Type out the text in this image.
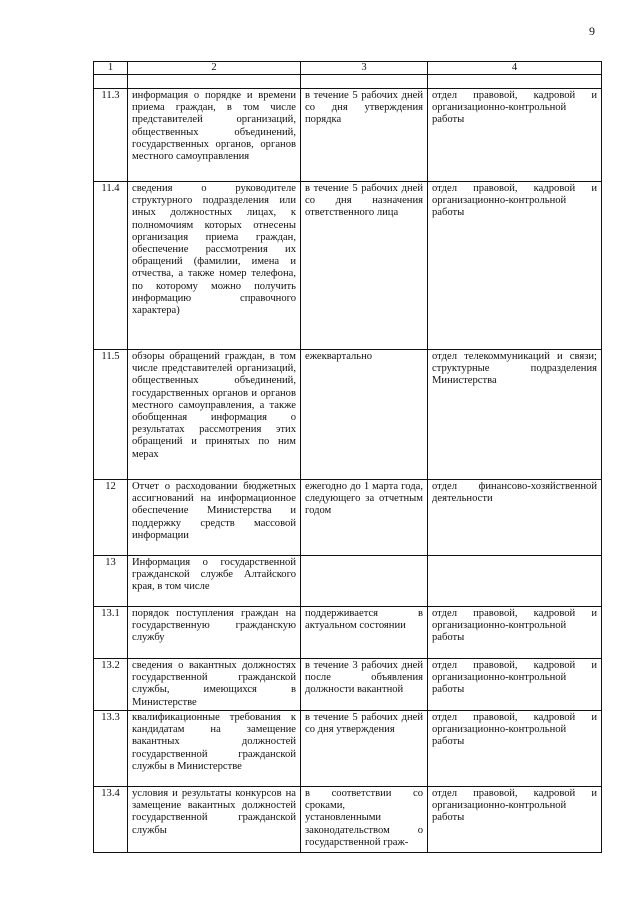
9
1	2	3	4

11.3	информация о порядке и времени приема граждан, в том числе представителей организаций, общественных объединений, государственных органов, органов местного самоуправления	в течение 5 рабочих дней со дня утверждения порядка	отдел правовой, кадровой и организационно-контрольной работы
11.4	сведения о руководителе структурного подразделения или иных должностных лицах, к полномочиям которых отнесены организация приема граждан, обеспечение рассмотрения их обращений (фамилии, имена и отчества, а также номер телефона, по которому можно получить информацию справочного характера)	в течение 5 рабочих дней со дня назначения ответственного лица	отдел правовой, кадровой и организационно-контрольной работы
11.5	обзоры обращений граждан, в том числе представителей организаций, общественных объединений, государственных органов и органов местного самоуправления, а также обобщенная информация о результатах рассмотрения этих обращений и принятых по ним мерах	ежеквартально	отдел телекоммуникаций и связи; структурные подразделения Министерства
12	Отчет о расходовании бюджетных ассигнований на информационное обеспечение Министерства и поддержку средств массовой информации	ежегодно до 1 марта года, следующего за отчетным годом	отдел финансово-хозяйственной деятельности
13	Информация о государственной гражданской службе Алтайского края, в том числе		
13.1	порядок поступления граждан на государственную гражданскую службу	поддерживается в актуальном состоянии	отдел правовой, кадровой и организационно-контрольной работы
13.2	сведения о вакантных должностях государственной гражданской службы, имеющихся в Министерстве	в течение 3 рабочих дней после объявления должности вакантной	отдел правовой, кадровой и организационно-контрольной работы
13.3	квалификационные требования к кандидатам на замещение вакантных должностей государственной гражданской службы в Министерстве	в течение 5 рабочих дней со дня утверждения	отдел правовой, кадровой и организационно-контрольной работы
13.4	условия и результаты конкурсов на замещение вакантных должностей государственной гражданской службы	в соответствии со сроками, установленными законодательством о государственной граж-	отдел правовой, кадровой и организационно-контрольной работы
